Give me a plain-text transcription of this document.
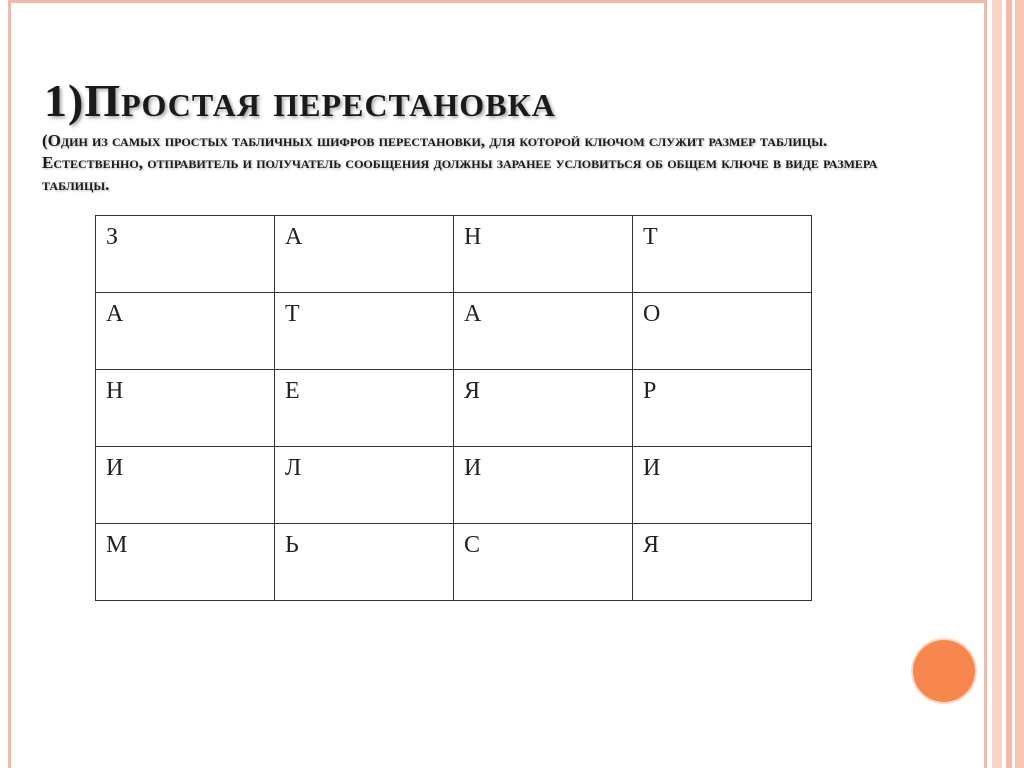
1)Простая перестановка
(Один из самых простых табличных шифров перестановки, для которой ключом служит размер таблицы. Естественно, отправитель и получатель сообщения должны заранее условиться об общем ключе в виде размера таблицы.
З	А	Н	Т
А	Т	А	О
Н	Е	Я	Р
И	Л	И	И
М	Ь	С	Я
